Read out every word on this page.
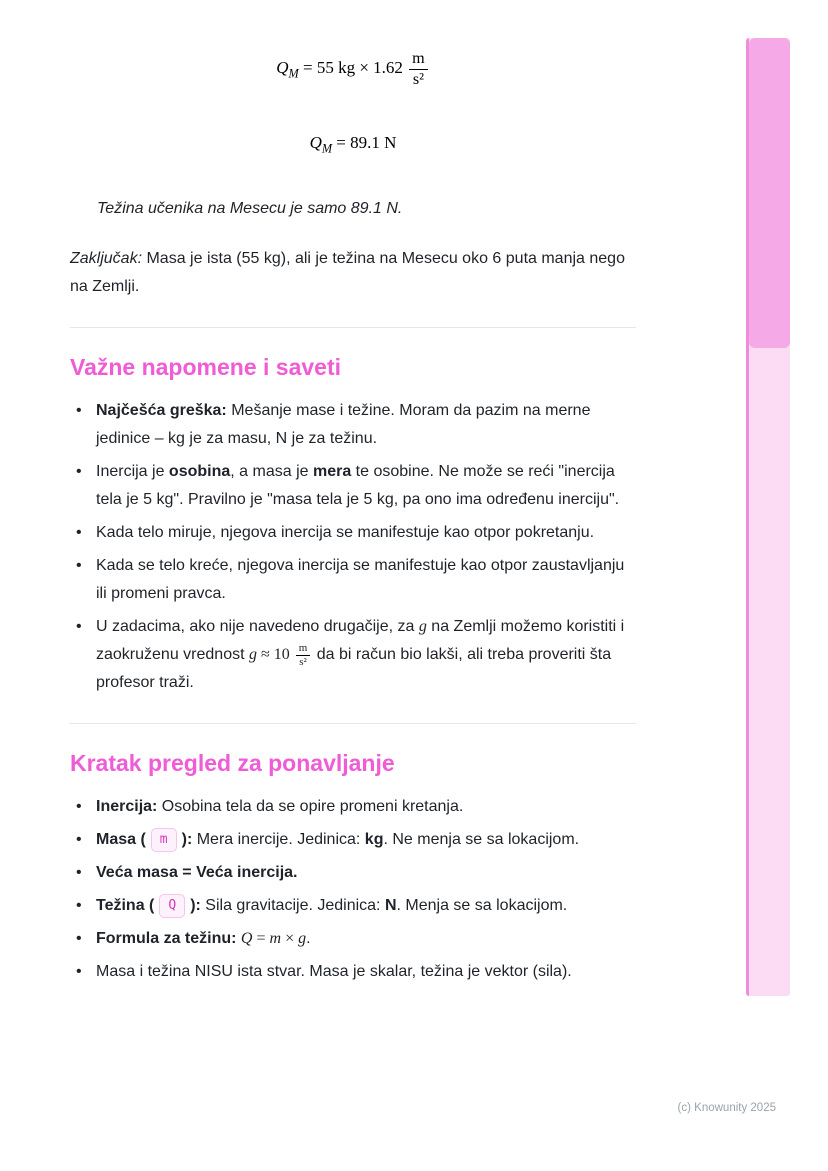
$Q_M = 55$ kg × $1.62 \frac{m}{\text{s²}}$
$Q_M = 89.1$ N

Težina učenika na Mesecu je samo 89.1 N.

Zaključak: Masa je ista (55 kg), ali je težina na Mesecu oko 6 puta manja nego na Zemlji.

Važne napomene i saveti
• Najčešća greška: Mešanje mase i težine. Moram da pazim na merne jedinice – kg je za masu, N je za težinu.
• Inercija je osobina, a masa je mera te osobine. Ne može se reći "inercija tela je 5 kg". Pravilno je "masa tela je 5 kg, pa ono ima određenu inerciju".
• Kada telo miruje, njegova inercija se manifestuje kao otpor pokretanju.
• Kada se telo kreće, njegova inercija se manifestuje kao otpor zaustavljanju ili promeni pravca.
• U zadacima, ako nije navedeno drugačije, za g na Zemlji možemo koristiti i zaokruženu vrednost $g \approx 10 \frac{m}{\text{s²}}$ da bi račun bio lakši, ali treba proveriti šta profesor traži.
Kratak pregled za ponavljanje
• Inercija: Osobina tela da se opire promeni kretanja.
• Masa ( m ): Mera inercije. Jedinica: kg. Ne menja se sa lokacijom.
• Veća masa = Veća inercija.
• Težina ( Q ): Sila gravitacije. Jedinica: N. Menja se sa lokacijom.
• Formula za težinu: Q = m × g.
• Masa i težina NISU ista stvar. Masa je skalar, težina je vektor (sila).
(c) Knowunity 2025
